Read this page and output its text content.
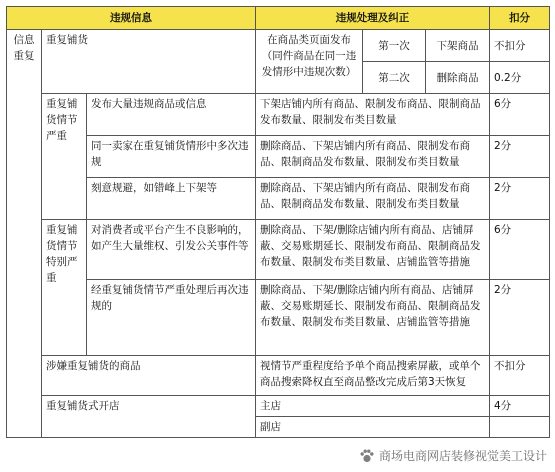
违规信息			违规处理及纠正			扣分
信息重复	重复铺货		在商品类页面发布（同件商品在同一违发情形中违规次数）	第一次	下架商品	不扣分
				第二次	删除商品	0.2分
	重复铺货情节严重	发布大量违规商品或信息	下架店铺内所有商品、限制发布商品、限制商品发布数量、限制发布类目数量			6分
		同一卖家在重复铺货情形中多次违规	删除商品、下架店铺内所有商品、限制发布商品、限制商品发布数量、限制发布类目数量			2分
		刻意规避，如错峰上下架等	删除商品、下架店铺内所有商品、限制发布商品、限制商品发布数量、限制发布类目数量			2分
	重复铺货情节特别严重	对消费者或平台产生不良影响的，如产生大量维权、引发公关事件等	删除商品、下架/删除店铺内所有商品、店铺屏蔽、交易账期延长、限制发布商品、限制商品发布数量、限制发布类目数量、店铺监管等措施			6分
		经重复铺货情节严重处理后再次违规的	删除商品、下架/删除店铺内所有商品、店铺屏蔽、交易账期延长、限制发布商品、限制商品发布数量、限制发布类目数量、店铺监管等措施			2分
	涉嫌重复铺货的商品		视情节严重程度给予单个商品搜索屏蔽，或单个商品搜索降权直至商品整改完成后第3天恢复			不扣分
	重复铺货式开店		主店			4分
			副店			
商场电商网店装修视觉美工设计
